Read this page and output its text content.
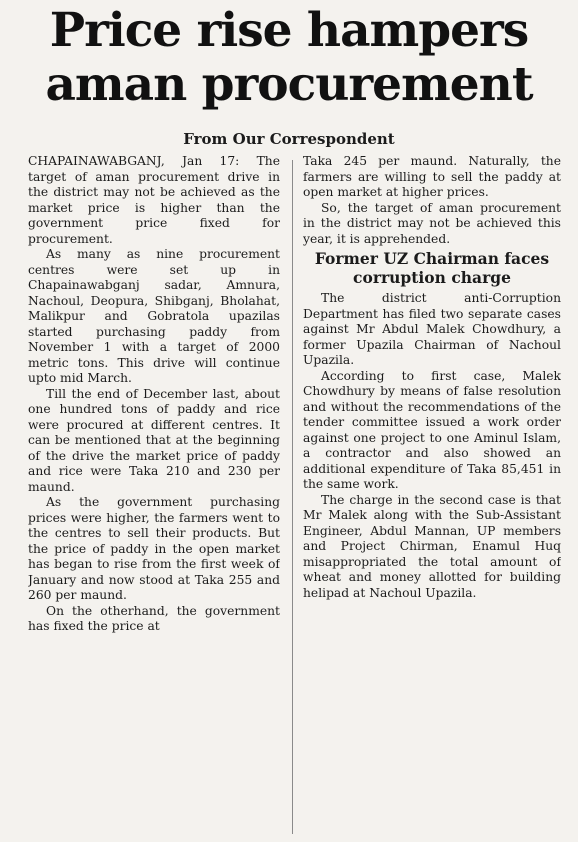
Price rise hampers aman procurement
From Our Correspondent

CHAPAINAWABGANJ, Jan 17: The target of aman procurement drive in the district may not be achieved as the market price is higher than the government price fixed for procurement.

As many as nine procurement centres were set up in Chapainawabganj sadar, Amnura, Nachoul, Deopura, Shibganj, Bholahat, Malikpur and Gobratola upazilas started purchasing paddy from November 1 with a target of 2000 metric tons. This drive will continue upto mid March.

Till the end of December last, about one hundred tons of paddy and rice were procured at different centres. It can be mentioned that at the beginning of the drive the market price of paddy and rice were Taka 210 and 230 per maund.

As the government purchasing prices were higher, the farmers went to the centres to sell their products. But the price of paddy in the open market has began to rise from the first week of January and now stood at Taka 255 and 260 per maund.

On the otherhand, the government has fixed the price at

Taka 245 per maund. Naturally, the farmers are willing to sell the paddy at open market at higher prices.

So, the target of aman procurement in the district may not be achieved this year, it is apprehended.

Former UZ Chairman faces corruption charge

The district anti-Corruption Department has filed two separate cases against Mr Abdul Malek Chowdhury, a former Upazila Chairman of Nachoul Upazila.

According to first case, Malek Chowdhury by means of false resolution and without the recommendations of the tender committee issued a work order against one project to one Aminul Islam, a contractor and also showed an additional expenditure of Taka 85,451 in the same work.

The charge in the second case is that Mr Malek along with the Sub-Assistant Engineer, Abdul Mannan, UP members and Project Chirman, Enamul Huq misappropriated the total amount of wheat and money allotted for building helipad at Nachoul Upazila.
